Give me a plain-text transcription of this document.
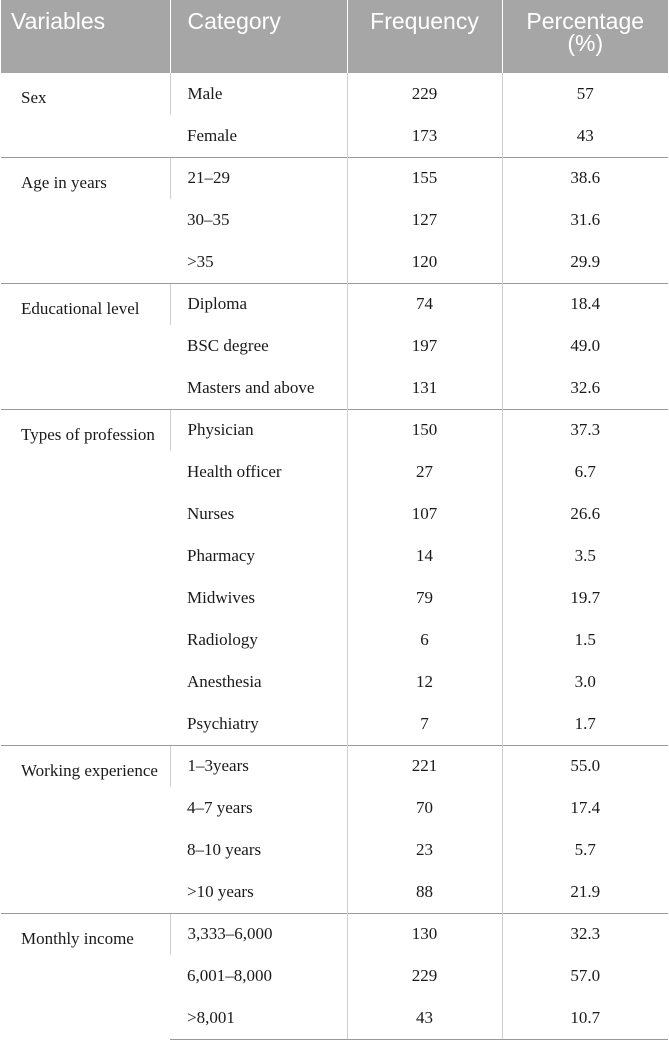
Variables	Category	Frequency	Percentage (%)
Sex	Male	229	57
	Female	173	43
Age in years	21–29	155	38.6
	30–35	127	31.6
	>35	120	29.9
Educational level	Diploma	74	18.4
	BSC degree	197	49.0
	Masters and above	131	32.6
Types of profession	Physician	150	37.3
	Health officer	27	6.7
	Nurses	107	26.6
	Pharmacy	14	3.5
	Midwives	79	19.7
	Radiology	6	1.5
	Anesthesia	12	3.0
	Psychiatry	7	1.7
Working experience	1–3years	221	55.0
	4–7 years	70	17.4
	8–10 years	23	5.7
	>10 years	88	21.9
Monthly income	3,333–6,000	130	32.3
	6,001–8,000	229	57.0
	>8,001	43	10.7
